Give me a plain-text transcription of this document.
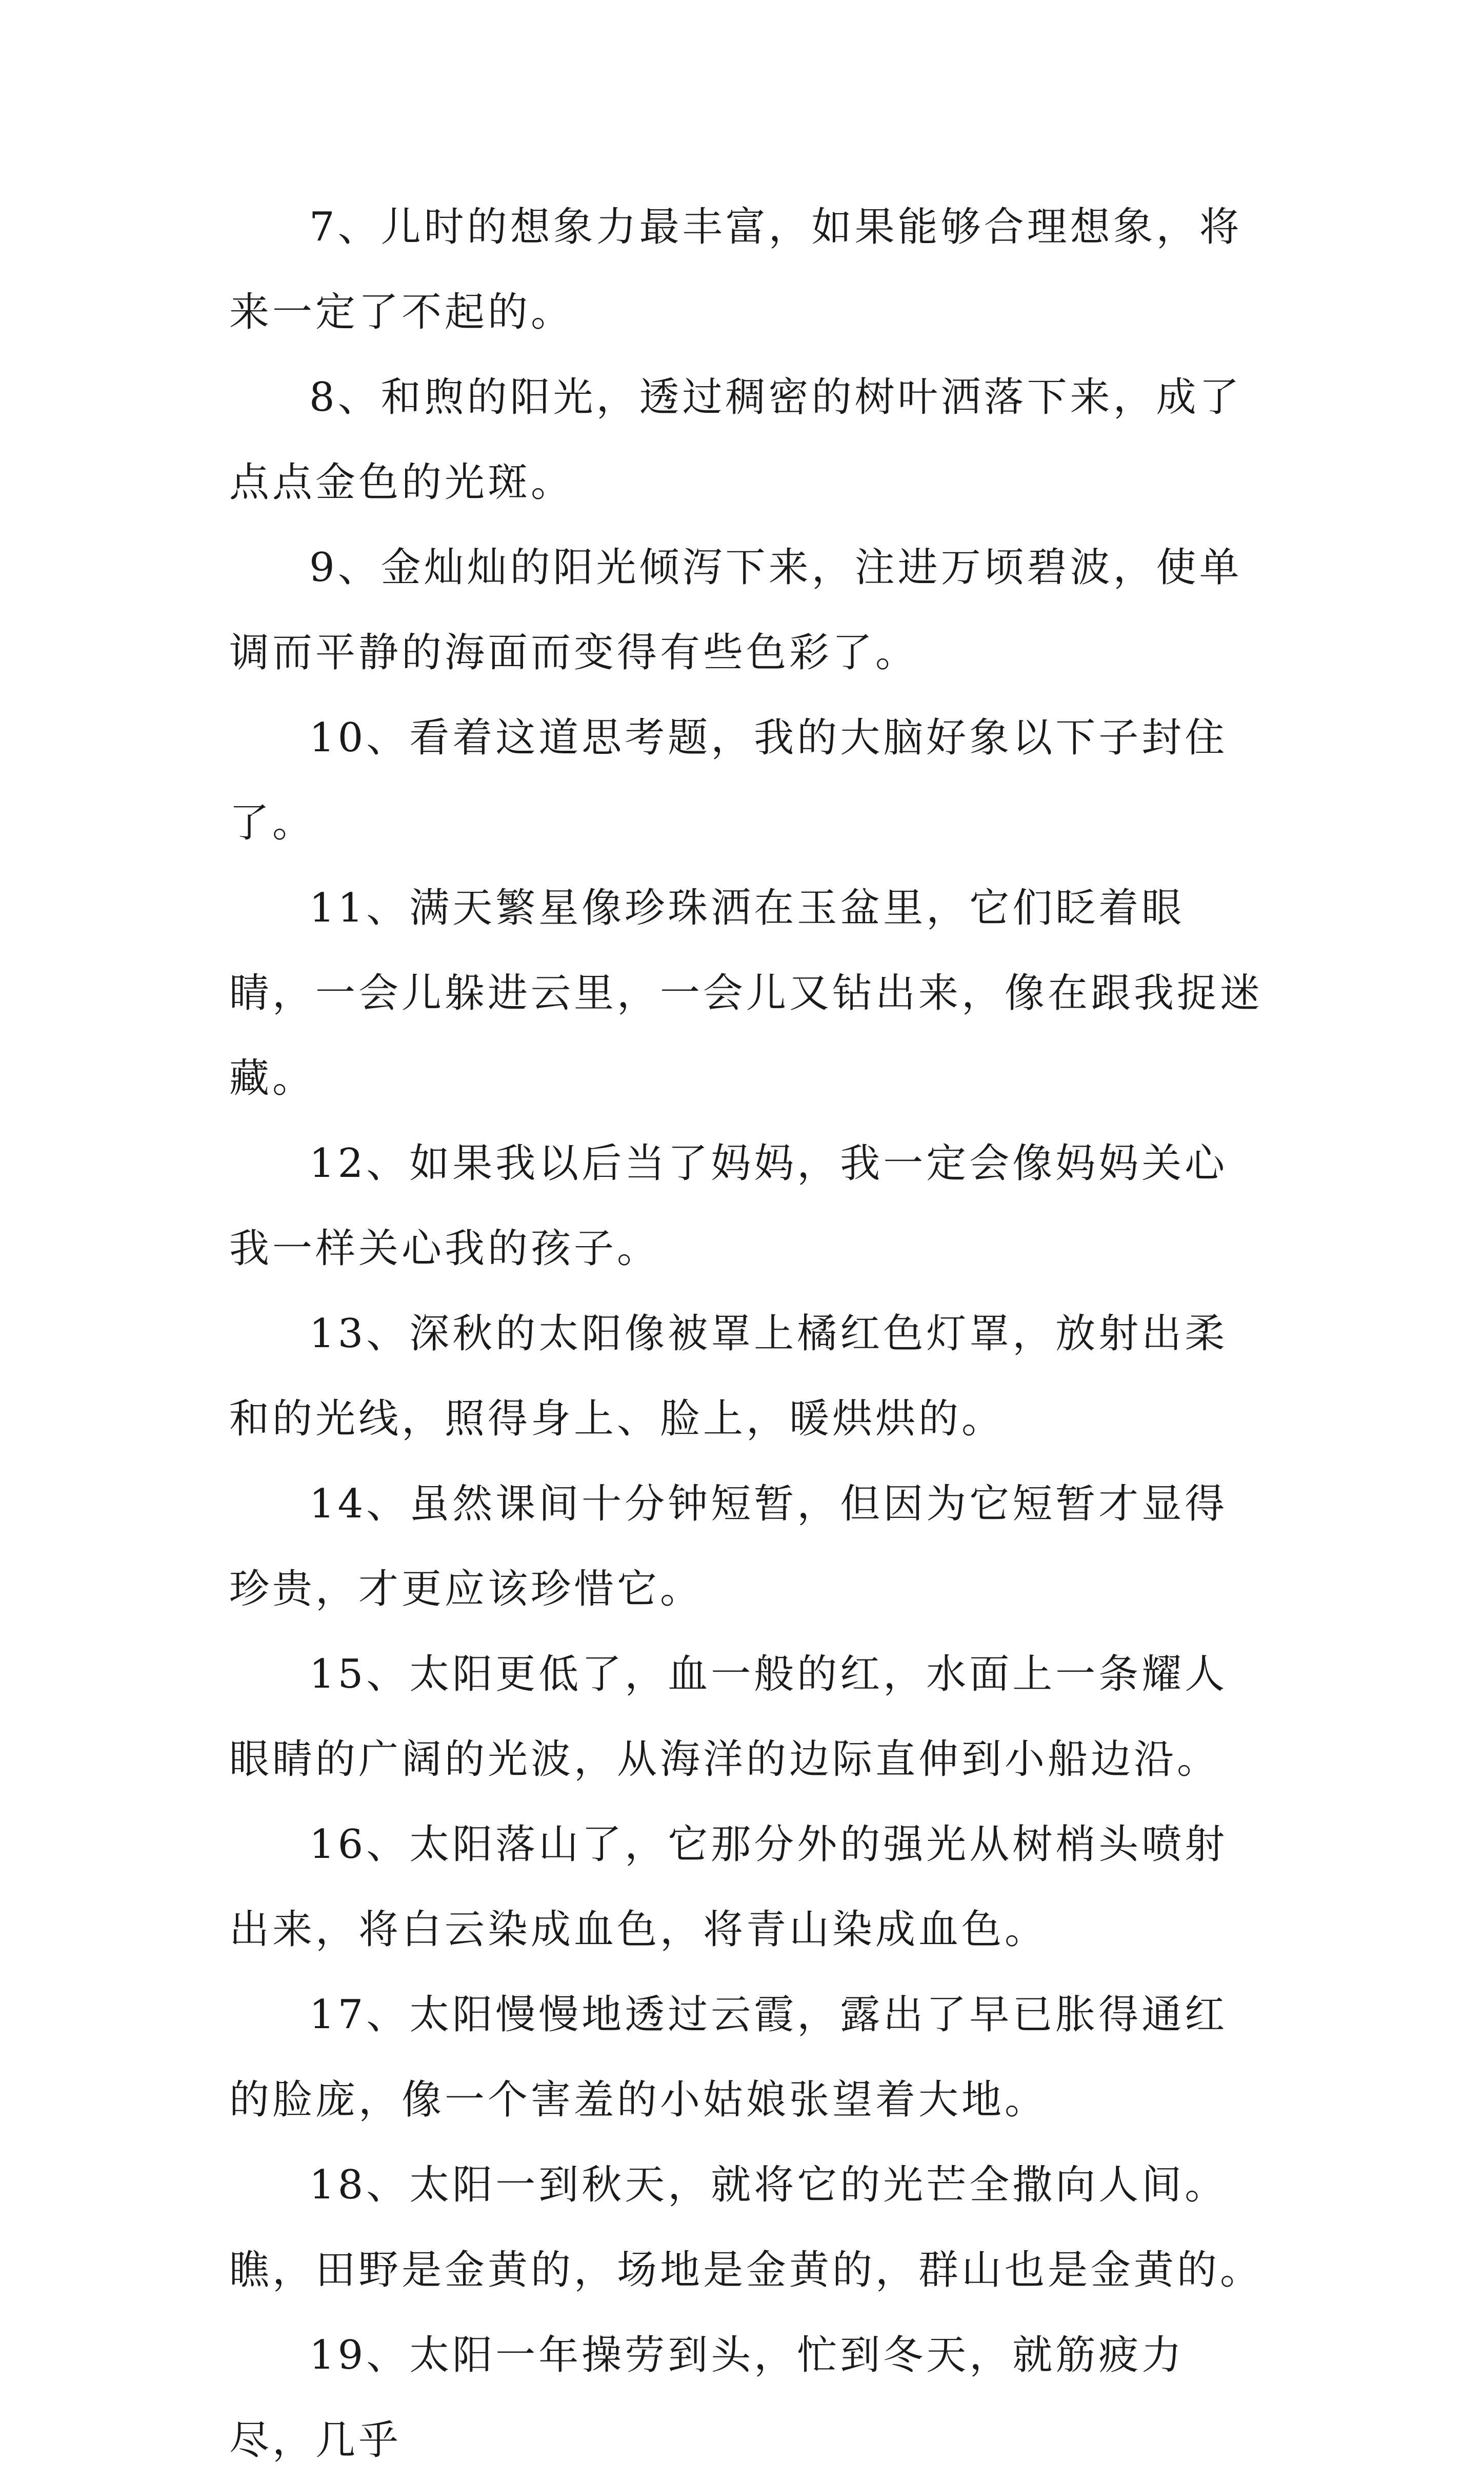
7、儿时的想象力最丰富，如果能够合理想象，将来一定了不起的。

8、和煦的阳光，透过稠密的树叶洒落下来，成了点点金色的光斑。

9、金灿灿的阳光倾泻下来，注进万顷碧波，使单调而平静的海面而变得有些色彩了。

10、看着这道思考题，我的大脑好象以下子封住了。

11、满天繁星像珍珠洒在玉盆里，它们眨着眼睛，一会儿躲进云里，一会儿又钻出来，像在跟我捉迷藏。

12、如果我以后当了妈妈，我一定会像妈妈关心我一样关心我的孩子。

13、深秋的太阳像被罩上橘红色灯罩，放射出柔和的光线，照得身上、脸上，暖烘烘的。

14、虽然课间十分钟短暂，但因为它短暂才显得珍贵，才更应该珍惜它。

15、太阳更低了，血一般的红，水面上一条耀人眼睛的广阔的光波，从海洋的边际直伸到小船边沿。

16、太阳落山了，它那分外的强光从树梢头喷射出来，将白云染成血色，将青山染成血色。

17、太阳慢慢地透过云霞，露出了早已胀得通红的脸庞，像一个害羞的小姑娘张望着大地。

18、太阳一到秋天，就将它的光芒全撒向人间。瞧，田野是金黄的，场地是金黄的，群山也是金黄的。

19、太阳一年操劳到头，忙到冬天，就筋疲力尽，几乎
